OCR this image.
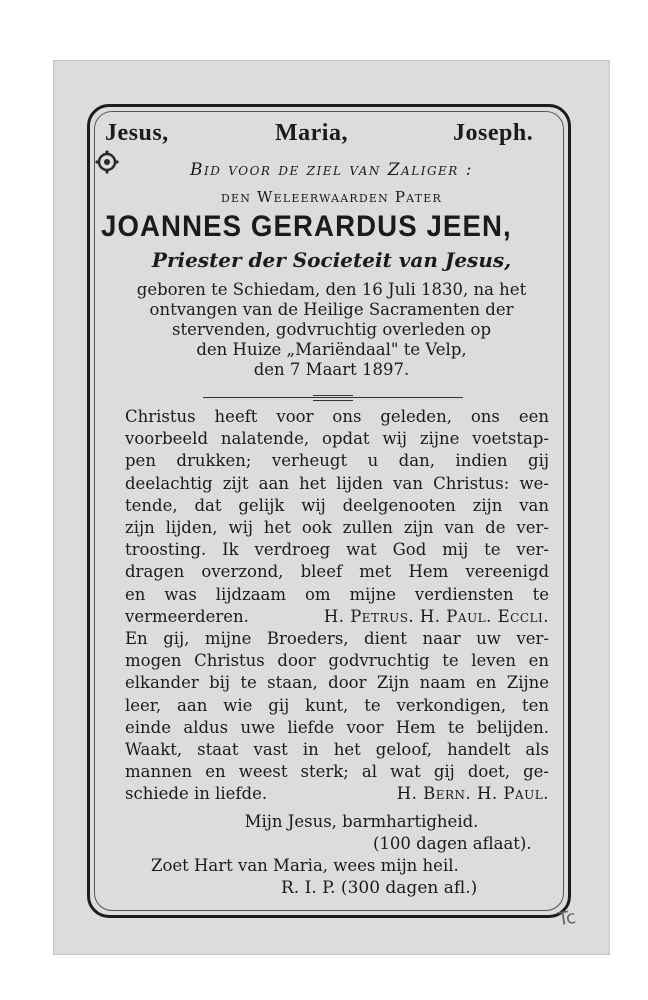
Jesus,	Maria,	Joseph.
Bid voor de ziel van Zaliger :
den Weleerwaarden Pater
JOANNES GERARDUS JEEN,
Priester der Societeit van Jesus,
geboren te Schiedam, den 16 Juli 1830, na het
ontvangen van de Heilige Sacramenten der
stervenden, godvruchtig overleden op
den Huize „Mariëndaal" te Velp,
den 7 Maart 1897.
Christus heeft voor ons geleden, ons een
voorbeeld nalatende, opdat wij zijne voetstap-
pen drukken; verheugt u dan, indien gij
deelachtig zijt aan het lijden van Christus: we-
tende, dat gelijk wij deelgenooten zijn van
zijn lijden, wij het ook zullen zijn van de ver-
troosting. Ik verdroeg wat God mij te ver-
dragen overzond, bleef met Hem vereenigd
en was lijdzaam om mijne verdiensten te
vermeerderen.	H. Petrus. H. Paul. Eccli.
En gij, mijne Broeders, dient naar uw ver-
mogen Christus door godvruchtig te leven en
elkander bij te staan, door Zijn naam en Zijne
leer, aan wie gij kunt, te verkondigen, ten
einde aldus uwe liefde voor Hem te belijden.
Waakt, staat vast in het geloof, handelt als
mannen en weest sterk; al wat gij doet, ge-
schiede in liefde.	H. Bern. H. Paul.
Mijn Jesus, barmhartigheid.
(100 dagen aflaat).
Zoet Hart van Maria, wees mijn heil.
R. I. P. (300 dagen afl.)
Tc
